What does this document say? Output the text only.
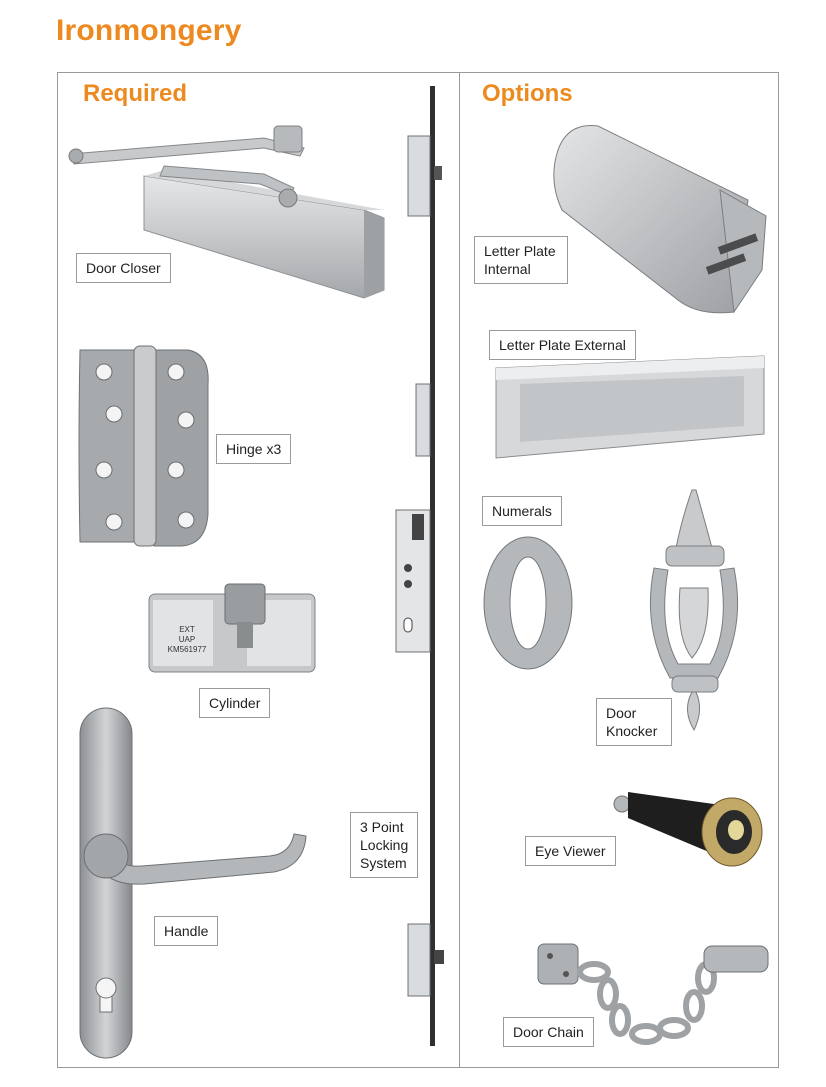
Ironmongery
Required	Options
Door Closer
Hinge x3
EXT
UAP
KM561977
Cylinder
Handle
3 Point
Locking
System
Letter Plate
Internal
Letter Plate External
Numerals
Door
Knocker
Eye Viewer
Door Chain
